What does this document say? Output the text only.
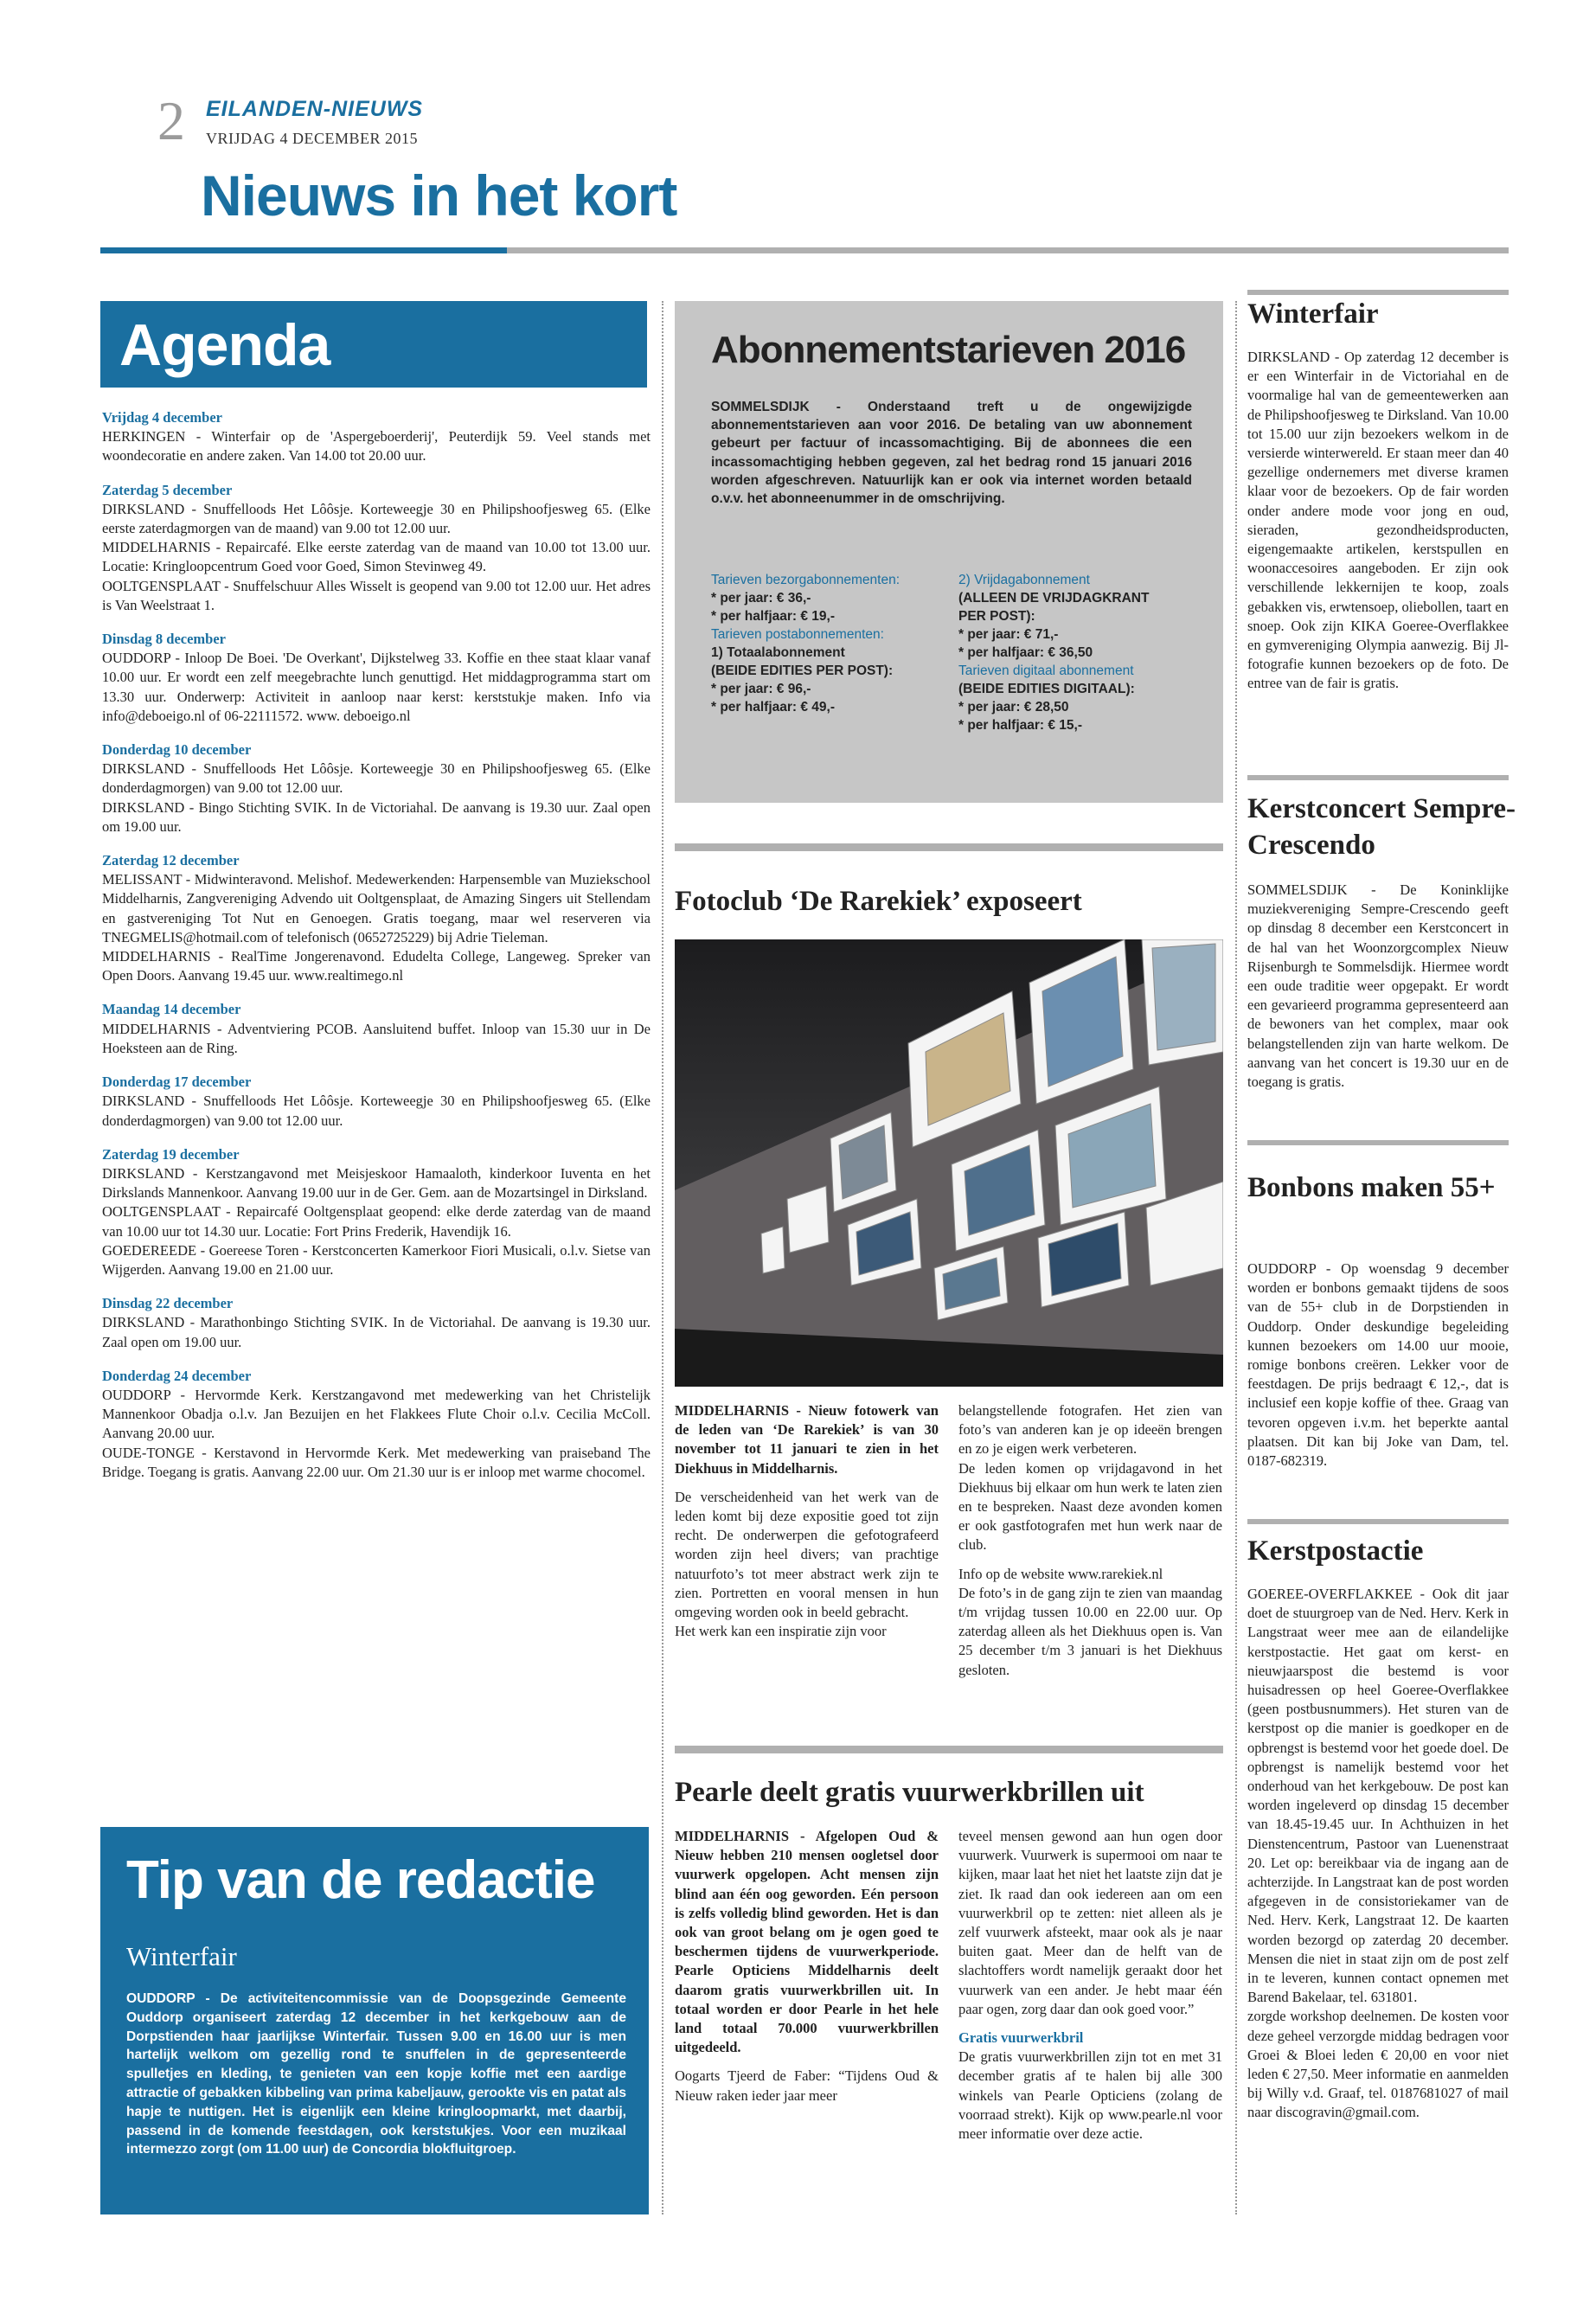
2 EILANDEN-NIEUWS
VRIJDAG 4 DECEMBER 2015
Nieuws in het kort
Agenda
Vrijdag 4 december
HERKINGEN - Winterfair op de 'Aspergeboerderij', Peuterdijk 59. Veel stands met woondecoratie en andere zaken. Van 14.00 tot 20.00 uur.
Zaterdag 5 december
DIRKSLAND - Snuffelloods Het Lôôsje. Korteweegje 30 en Philipshoofjesweg 65. (Elke eerste zaterdagmorgen van de maand) van 9.00 tot 12.00 uur.
MIDDELHARNIS - Repaircafé. Elke eerste zaterdag van de maand van 10.00 tot 13.00 uur. Locatie: Kringloopcentrum Goed voor Goed, Simon Stevinweg 49.
OOLTGENSPLAAT - Snuffelschuur Alles Wisselt is geopend van 9.00 tot 12.00 uur. Het adres is Van Weelstraat 1.
Dinsdag 8 december
OUDDORP - Inloop De Boei. 'De Overkant', Dijkstelweg 33. Koffie en thee staat klaar vanaf 10.00 uur. Er wordt een zelf meegebrachte lunch genuttigd. Het middagprogramma start om 13.30 uur. Onderwerp: Activiteit in aanloop naar kerst: kerststukje maken. Info via info@deboeigo.nl of 06-22111572. www. deboeigo.nl
Donderdag 10 december
DIRKSLAND - Snuffelloods Het Lôôsje. Korteweegje 30 en Philipshoofjesweg 65. (Elke donderdagmorgen) van 9.00 tot 12.00 uur.
DIRKSLAND - Bingo Stichting SVIK. In de Victoriahal. De aanvang is 19.30 uur. Zaal open om 19.00 uur.
Zaterdag 12 december
MELISSANT - Midwinteravond. Melishof. Medewerkenden: Harpensemble van Muziekschool Middelharnis, Zangvereniging Advendo uit Ooltgensplaat, de Amazing Singers uit Stellendam en gastvereniging Tot Nut en Genoegen. Gratis toegang, maar wel reserveren via TNEGMELIS@hotmail.com of telefonisch (0652725229) bij Adrie Tieleman.
MIDDELHARNIS - RealTime Jongerenavond. Edudelta College, Langeweg. Spreker van Open Doors. Aanvang 19.45 uur. www.realtimego.nl
Maandag 14 december
MIDDELHARNIS - Adventviering PCOB. Aansluitend buffet. Inloop van 15.30 uur in De Hoeksteen aan de Ring.
Donderdag 17 december
DIRKSLAND - Snuffelloods Het Lôôsje. Korteweegje 30 en Philipshoofjesweg 65. (Elke donderdagmorgen) van 9.00 tot 12.00 uur.
Zaterdag 19 december
DIRKSLAND - Kerstzangavond met Meisjeskoor Hamaaloth, kinderkoor Iuventa en het Dirkslands Mannenkoor. Aanvang 19.00 uur in de Ger. Gem. aan de Mozartsingel in Dirksland.
OOLTGENSPLAAT - Repaircafé Ooltgensplaat geopend: elke derde zaterdag van de maand van 10.00 uur tot 14.30 uur. Locatie: Fort Prins Frederik, Havendijk 16.
GOEDEREEDE - Goereese Toren - Kerstconcerten Kamerkoor Fiori Musicali, o.l.v. Sietse van Wijgerden. Aanvang 19.00 en 21.00 uur.
Dinsdag 22 december
DIRKSLAND - Marathonbingo Stichting SVIK. In de Victoriahal. De aanvang is 19.30 uur. Zaal open om 19.00 uur.
Donderdag 24 december
OUDDORP - Hervormde Kerk. Kerstzangavond met medewerking van het Christelijk Mannenkoor Obadja o.l.v. Jan Bezuijen en het Flakkees Flute Choir o.l.v. Cecilia McColl. Aanvang 20.00 uur.
OUDE-TONGE - Kerstavond in Hervormde Kerk. Met medewerking van praiseband The Bridge. Toegang is gratis. Aanvang 22.00 uur. Om 21.30 uur is er inloop met warme chocomel.
Tip van de redactie
Winterfair
OUDDORP - De activiteitencommissie van de Doopsgezinde Gemeente Ouddorp organiseert zaterdag 12 december in het kerkgebouw aan de Dorpstienden haar jaarlijkse Winterfair. Tussen 9.00 en 16.00 uur is men hartelijk welkom om gezellig rond te snuffelen in de gepresenteerde spulletjes en kleding, te genieten van een kopje koffie met een aardige attractie of gebakken kibbeling van prima kabeljauw, gerookte vis en patat als hapje te nuttigen. Het is eigenlijk een kleine kringloopmarkt, met daarbij, passend in de komende feestdagen, ook kerststukjes. Voor een muzikaal intermezzo zorgt (om 11.00 uur) de Concordia blokfluitgroep.
Abonnementstarieven 2016
SOMMELSDIJK - Onderstaand treft u de ongewijzigde abonnementstarieven aan voor 2016. De betaling van uw abonnement gebeurt per factuur of incassomachtiging. Bij de abonnees die een incassomachtiging hebben gegeven, zal het bedrag rond 15 januari 2016 worden afgeschreven. Natuurlijk kan er ook via internet worden betaald o.v.v. het abonneenummer in de omschrijving.
Tarieven bezorgabonnementen:
* per jaar: € 36,-
* per halfjaar: € 19,-
Tarieven postabonnementen:
1) Totaalabonnement
(BEIDE EDITIES PER POST):
* per jaar: € 96,-
* per halfjaar: € 49,-
2) Vrijdagabonnement
(ALLEEN DE VRIJDAGKRANT
PER POST):
* per jaar: € 71,-
* per halfjaar: € 36,50
Tarieven digitaal abonnement
(BEIDE EDITIES DIGITAAL):
* per jaar: € 28,50
* per halfjaar: € 15,-
Fotoclub ‘De Rarekiek’ exposeert

MIDDELHARNIS - Nieuw fotowerk van de leden van ‘De Rarekiek’ is van 30 november tot 11 januari te zien in het Diekhuus in Middelharnis.

De verscheidenheid van het werk van de leden komt bij deze expositie goed tot zijn recht. De onderwerpen die gefotografeerd worden zijn heel divers; van prachtige natuurfoto’s tot meer abstract werk zijn te zien. Portretten en vooral mensen in hun omgeving worden ook in beeld gebracht.

Het werk kan een inspiratie zijn voor

belangstellende fotografen. Het zien van foto’s van anderen kan je op ideeën brengen en zo je eigen werk verbeteren.

De leden komen op vrijdagavond in het Diekhuus bij elkaar om hun werk te laten zien en te bespreken. Naast deze avonden komen er ook gastfotografen met hun werk naar de club.

Info op de website www.rarekiek.nl

De foto’s in de gang zijn te zien van maandag t/m vrijdag tussen 10.00 en 22.00 uur. Op zaterdag alleen als het Diekhuus open is. Van 25 december t/m 3 januari is het Diekhuus gesloten.

Pearle deelt gratis vuurwerkbrillen uit

MIDDELHARNIS - Afgelopen Oud & Nieuw hebben 210 mensen oogletsel door vuurwerk opgelopen. Acht mensen zijn blind aan één oog geworden. Eén persoon is zelfs volledig blind geworden. Het is dan ook van groot belang om je ogen goed te beschermen tijdens de vuurwerkperiode. Pearle Opticiens Middelharnis deelt daarom gratis vuurwerkbrillen uit. In totaal worden er door Pearle in het hele land totaal 70.000 vuurwerkbrillen uitgedeeld.

Oogarts Tjeerd de Faber: “Tijdens Oud & Nieuw raken ieder jaar meer

teveel mensen gewond aan hun ogen door vuurwerk. Vuurwerk is supermooi om naar te kijken, maar laat het niet het laatste zijn dat je ziet. Ik raad dan ook iedereen aan om een vuurwerkbril op te zetten: niet alleen als je zelf vuurwerk afsteekt, maar ook als je naar buiten gaat. Meer dan de helft van de slachtoffers wordt namelijk geraakt door het vuurwerk van een ander. Je hebt maar één paar ogen, zorg daar dan ook goed voor.”

Gratis vuurwerkbril

De gratis vuurwerkbrillen zijn tot en met 31 december gratis af te halen bij alle 300 winkels van Pearle Opticiens (zolang de voorraad strekt). Kijk op www.pearle.nl voor meer informatie over deze actie.

Winterfair
DIRKSLAND - Op zaterdag 12 december is er een Winterfair in de Victoriahal en de voormalige hal van de gemeentewerken aan de Philipshoofjesweg te Dirksland. Van 10.00 tot 15.00 uur zijn bezoekers welkom in de versierde winterwereld. Er staan meer dan 40 gezellige ondernemers met diverse kramen klaar voor de bezoekers. Op de fair worden onder andere mode voor jong en oud, sieraden, gezondheidsproducten, eigengemaakte artikelen, kerstspullen en woonaccesoires aangeboden. Er zijn ook verschillende lekkernijen te koop, zoals gebakken vis, erwtensoep, oliebollen, taart en snoep. Ook zijn KIKA Goeree-Overflakkee en gymvereniging Olympia aanwezig. Bij Jl- fotografie kunnen bezoekers op de foto. De entree van de fair is gratis.
Kerstconcert Sempre-Crescendo
SOMMELSDIJK - De Koninklijke muziekvereniging Sempre-Crescendo geeft op dinsdag 8 december een Kerstconcert in de hal van het Woonzorgcomplex Nieuw Rijsenburgh te Sommelsdijk. Hiermee wordt een oude traditie weer opgepakt. Er wordt een gevarieerd programma gepresenteerd aan de bewoners van het complex, maar ook belangstellenden zijn van harte welkom. De aanvang van het concert is 19.30 uur en de toegang is gratis.
Bonbons maken 55+
OUDDORP - Op woensdag 9 december worden er bonbons gemaakt tijdens de soos van de 55+ club in de Dorpstienden in Ouddorp. Onder deskundige begeleiding kunnen bezoekers om 14.00 uur mooie, romige bonbons creëren. Lekker voor de feestdagen. De prijs bedraagt € 12,-, dat is inclusief een kopje koffie of thee. Graag van tevoren opgeven i.v.m. het beperkte aantal plaatsen. Dit kan bij Joke van Dam, tel. 0187-682319.
Kerstpostactie
GOEREE-OVERFLAKKEE - Ook dit jaar doet de stuurgroep van de Ned. Herv. Kerk in Langstraat weer mee aan de eilandelijke kerstpostactie. Het gaat om kerst- en nieuwjaarspost die bestemd is voor huisadressen op heel Goeree-Overflakkee (geen postbusnummers). Het sturen van de kerstpost op die manier is goedkoper en de opbrengst is bestemd voor het goede doel. De opbrengst is namelijk bestemd voor het onderhoud van het kerkgebouw. De post kan worden ingeleverd op dinsdag 15 december van 18.45-19.45 uur. In Achthuizen in het Dienstencentrum, Pastoor van Luenenstraat 20. Let op: bereikbaar via de ingang aan de achterzijde. In Langstraat kan de post worden afgegeven in de consistoriekamer van de Ned. Herv. Kerk, Langstraat 12. De kaarten worden bezorgd op zaterdag 20 december. Mensen die niet in staat zijn om de post zelf in te leveren, kunnen contact opnemen met Barend Bakelaar, tel. 631801.
zorgde workshop deelnemen. De kosten voor deze geheel verzorgde middag bedragen voor Groei & Bloei leden € 20,00 en voor niet leden € 27,50. Meer informatie en aanmelden bij Willy v.d. Graaf, tel. 0187681027 of mail naar discogravin@gmail.com.
